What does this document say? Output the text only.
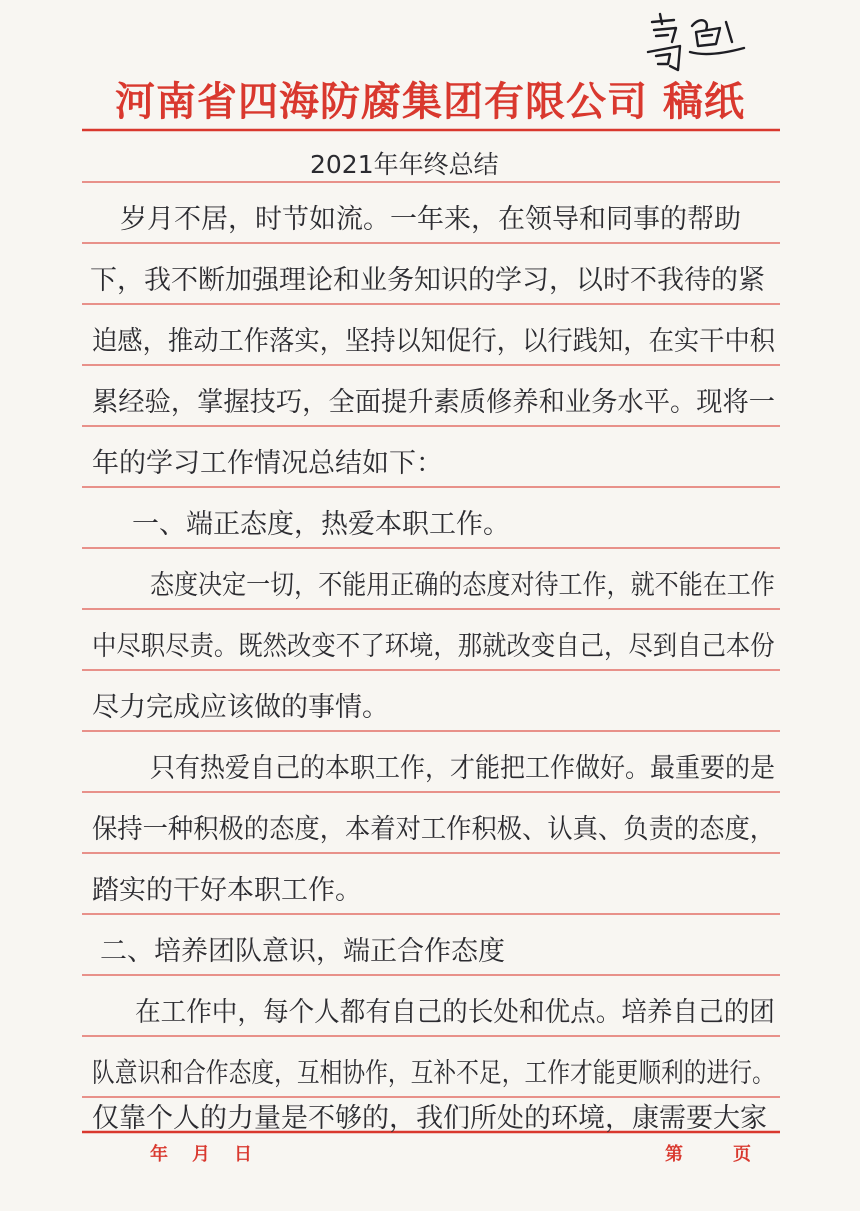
河南省四海防腐集团有限公司 稿纸
2021年年终总结
岁月不居，时节如流。一年来，在领导和同事的帮助
下，我不断加强理论和业务知识的学习，以时不我待的紧
迫感，推动工作落实，坚持以知促行，以行践知，在实干中积
累经验，掌握技巧，全面提升素质修养和业务水平。现将一
年的学习工作情况总结如下：
一、端正态度，热爱本职工作。
态度决定一切，不能用正确的态度对待工作，就不能在工作
中尽职尽责。既然改变不了环境，那就改变自己，尽到自己本份
尽力完成应该做的事情。
只有热爱自己的本职工作，才能把工作做好。最重要的是
保持一种积极的态度，本着对工作积极、认真、负责的态度，
踏实的干好本职工作。
二、培养团队意识，端正合作态度
在工作中，每个人都有自己的长处和优点。培养自己的团
队意识和合作态度，互相协作，互补不足，工作才能更顺利的进行。
仅靠个人的力量是不够的，我们所处的环境，康需要大家
年 月 日	第	页
